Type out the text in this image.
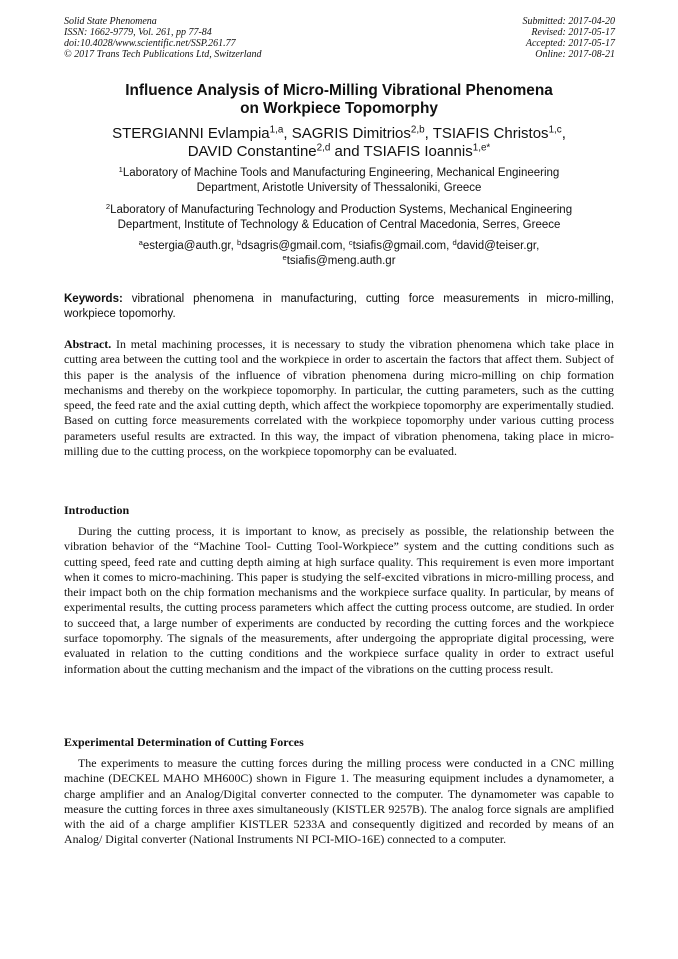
Solid State Phenomena
ISSN: 1662-9779, Vol. 261, pp 77-84
doi:10.4028/www.scientific.net/SSP.261.77
© 2017 Trans Tech Publications Ltd, Switzerland
Submitted: 2017-04-20
Revised: 2017-05-17
Accepted: 2017-05-17
Online: 2017-08-21
Influence Analysis of Micro-Milling Vibrational Phenomena
on Workpiece Topomorphy
STERGIANNI Evlampia$^{1,a}$, SAGRIS Dimitrios$^{2,b}$, TSIAFIS Christos$^{1,c}$,
DAVID Constantine$^{2,d}$ and TSIAFIS Ioannis$^{1,e*}$
$^1$Laboratory of Machine Tools and Manufacturing Engineering, Mechanical Engineering
Department, Aristotle University of Thessaloniki, Greece
$^2$Laboratory of Manufacturing Technology and Production Systems, Mechanical Engineering
Department, Institute of Technology & Education of Central Macedonia, Serres, Greece
$^a$estergia@auth.gr, $^b$dsagris@gmail.com, $^c$tsiafis@gmail.com, $^d$david@teiser.gr,
$^e$tsiafis@meng.auth.gr
Keywords: vibrational phenomena in manufacturing, cutting force measurements in micro-milling, workpiece topomorhy.
Abstract. In metal machining processes, it is necessary to study the vibration phenomena which take place in cutting area between the cutting tool and the workpiece in order to ascertain the factors that affect them. Subject of this paper is the analysis of the influence of vibration phenomena during micro-milling on chip formation mechanisms and thereby on the workpiece topomorphy. In particular, the cutting parameters, such as the cutting speed, the feed rate and the axial cutting depth, which affect the workpiece topomorphy are experimentally studied. Based on cutting force measurements correlated with the workpiece topomorphy under various cutting process parameters useful results are extracted. In this way, the impact of vibration phenomena, taking place in micro-milling due to the cutting process, on the workpiece topomorphy can be evaluated.
Introduction
During the cutting process, it is important to know, as precisely as possible, the relationship between the vibration behavior of the “Machine Tool- Cutting Tool-Workpiece” system and the cutting conditions such as cutting speed, feed rate and cutting depth aiming at high surface quality. This requirement is even more important when it comes to micro-machining. This paper is studying the self-excited vibrations in micro-milling process, and their impact both on the chip formation mechanisms and the workpiece surface quality. In particular, by means of experimental results, the cutting process parameters which affect the cutting process outcome, are studied. In order to succeed that, a large number of experiments are conducted by recording the cutting forces and the workpiece surface topomorphy. The signals of the measurements, after undergoing the appropriate digital processing, were evaluated in relation to the cutting conditions and the workpiece surface quality in order to extract useful information about the cutting mechanism and the impact of the vibrations on the cutting process result.
Experimental Determination of Cutting Forces
The experiments to measure the cutting forces during the milling process were conducted in a CNC milling machine (DECKEL MAHO MH600C) shown in Figure 1. The measuring equipment includes a dynamometer, a charge amplifier and an Analog/Digital converter connected to the computer. The dynamometer was capable to measure the cutting forces in three axes simultaneously (KISTLER 9257B). The analog force signals are amplified with the aid of a charge amplifier KISTLER 5233A and consequently digitized and recorded by means of an Analog/ Digital converter (National Instruments NI PCI-MIO-16E) connected to a computer.
